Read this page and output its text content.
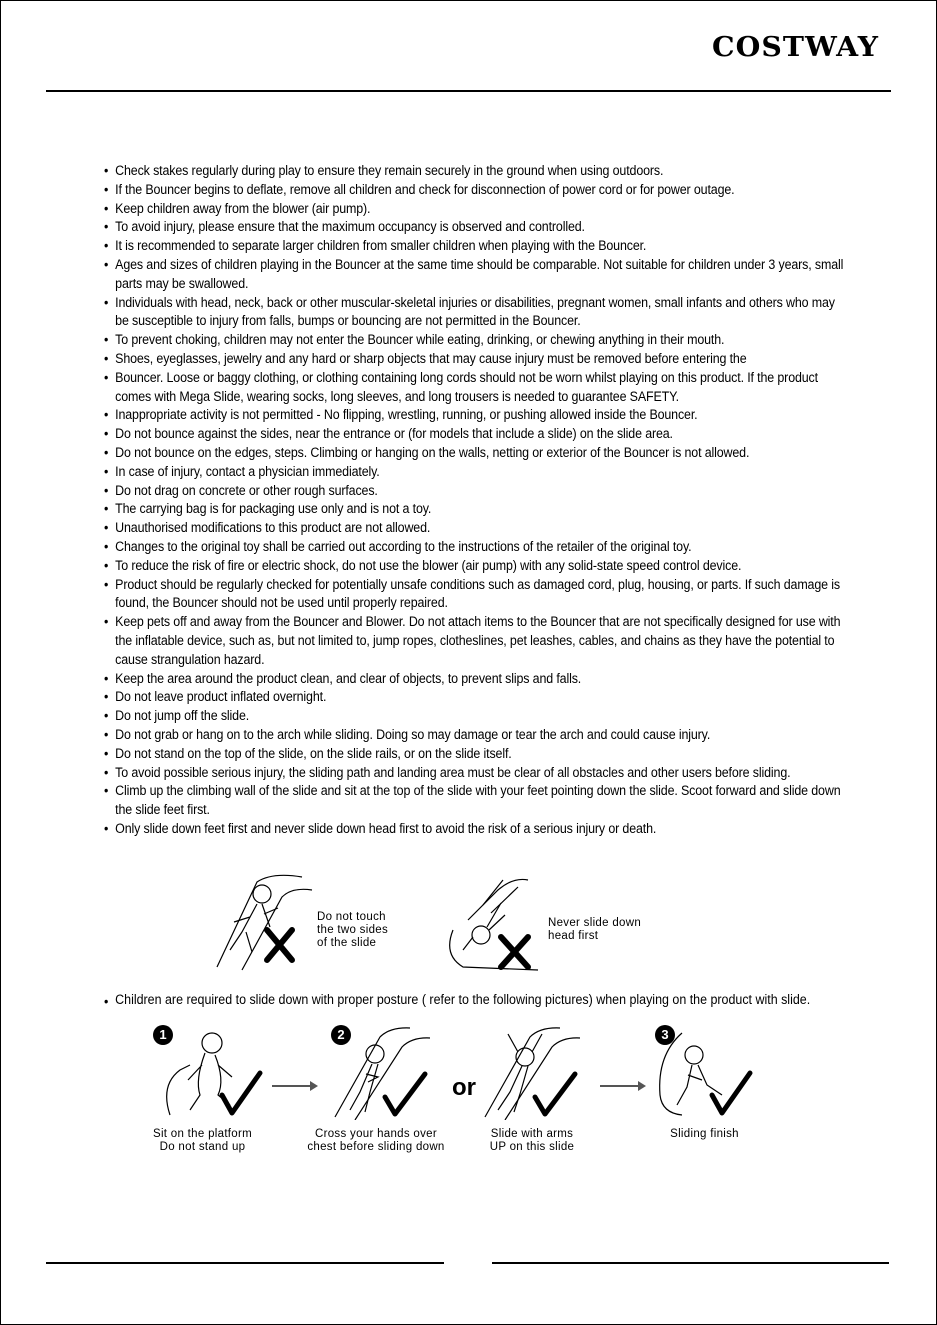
COSTWAY
• Check stakes regularly during play to ensure they remain securely in the ground when using outdoors.
• If the Bouncer begins to deflate, remove all children and check for disconnection of power cord or for power outage.
• Keep children away from the blower (air pump).
• To avoid injury, please ensure that the maximum occupancy is observed and controlled.
• It is recommended to separate larger children from smaller children when playing with the Bouncer.
• Ages and sizes of children playing in the Bouncer at the same time should be comparable. Not suitable for children under 3 years, small parts may be swallowed.
• Individuals with head, neck, back or other muscular-skeletal injuries or disabilities, pregnant women, small infants and others who may be susceptible to injury from falls, bumps or bouncing are not permitted in the Bouncer.
• To prevent choking, children may not enter the Bouncer while eating, drinking, or chewing anything in their mouth.
• Shoes, eyeglasses, jewelry and any hard or sharp objects that may cause injury must be removed before entering the
• Bouncer. Loose or baggy clothing, or clothing containing long cords should not be worn whilst playing on this product. If the product comes with Mega Slide, wearing socks, long sleeves, and long trousers is needed to guarantee SAFETY.
• Inappropriate activity is not permitted - No flipping, wrestling, running, or pushing allowed inside the Bouncer.
• Do not bounce against the sides, near the entrance or (for models that include a slide) on the slide area.
• Do not bounce on the edges, steps. Climbing or hanging on the walls, netting or exterior of the Bouncer is not allowed.
• In case of injury, contact a physician immediately.
• Do not drag on concrete or other rough surfaces.
• The carrying bag is for packaging use only and is not a toy.
• Unauthorised modifications to this product are not allowed.
• Changes to the original toy shall be carried out according to the instructions of the retailer of the original toy.
• To reduce the risk of fire or electric shock, do not use the blower (air pump) with any solid-state speed control device.
• Product should be regularly checked for potentially unsafe conditions such as damaged cord, plug, housing, or parts. If such damage is found, the Bouncer should not be used until properly repaired.
• Keep pets off and away from the Bouncer and Blower. Do not attach items to the Bouncer that are not specifically designed for use with the inflatable device, such as, but not limited to, jump ropes, clotheslines, pet leashes, cables, and chains as they have the potential to cause strangulation hazard.
• Keep the area around the product clean, and clear of objects, to prevent slips and falls.
• Do not leave product inflated overnight.
• Do not jump off the slide.
• Do not grab or hang on to the arch while sliding. Doing so may damage or tear the arch and could cause injury.
• Do not stand on the top of the slide, on the slide rails, or on the slide itself.
• To avoid possible serious injury, the sliding path and landing area must be clear of all obstacles and other users before sliding.
• Climb up the climbing wall of the slide and sit at the top of the slide with your feet pointing down the slide. Scoot forward and slide down the slide feet first.
• Only slide down feet first and never slide down head first to avoid the risk of a serious injury or death.
Do not touch
the two sides
of the slide
Never slide down
head first
• Children are required to slide down with proper posture ( refer to the following pictures) when playing on the product with slide.
1	2
or
3
Sit on the platform
Do not stand up
Cross your hands over
chest before sliding down
Slide with arms
UP on this slide
Sliding finish
